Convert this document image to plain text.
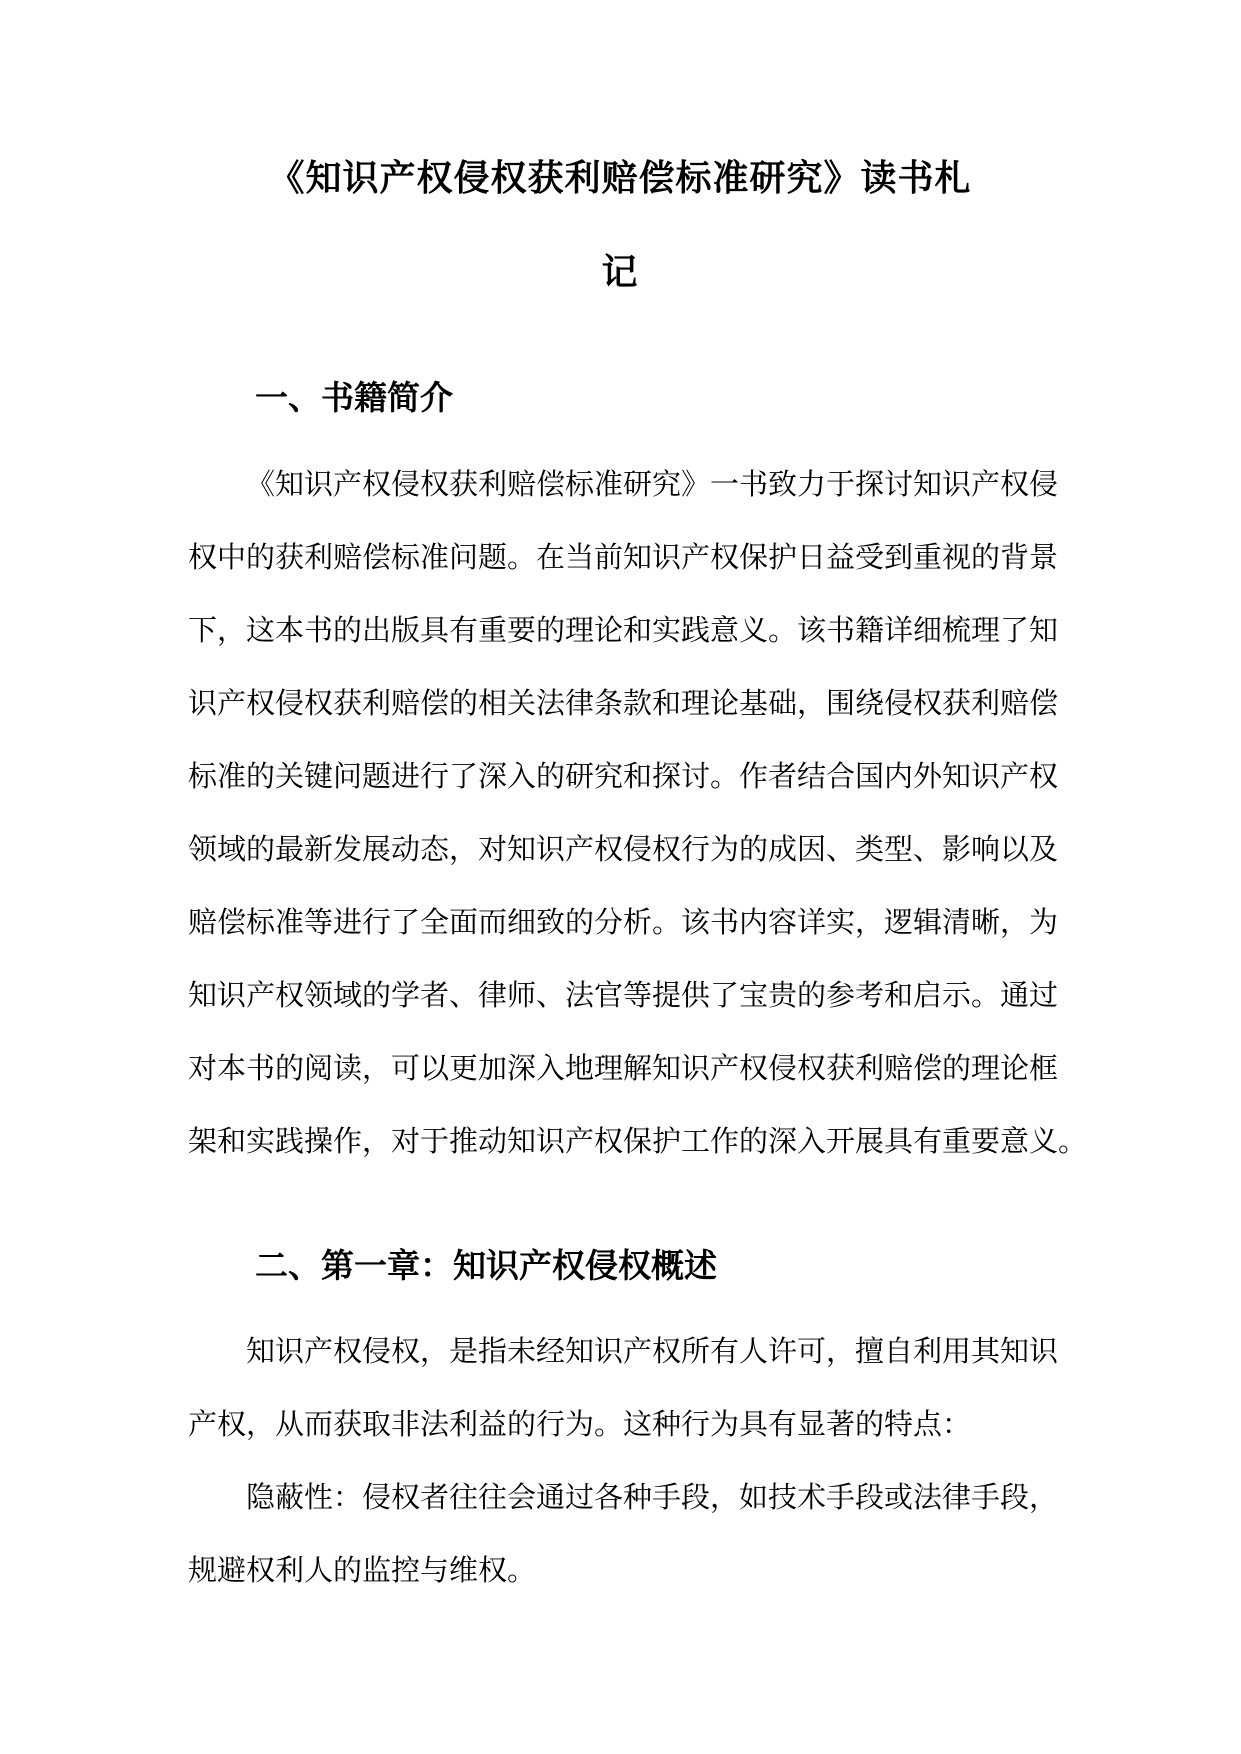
《知识产权侵权获利赔偿标准研究》读书札
记
一、书籍简介
《知识产权侵权获利赔偿标准研究》一书致力于探讨知识产权侵
权中的获利赔偿标准问题。在当前知识产权保护日益受到重视的背景
下，这本书的出版具有重要的理论和实践意义。该书籍详细梳理了知
识产权侵权获利赔偿的相关法律条款和理论基础，围绕侵权获利赔偿
标准的关键问题进行了深入的研究和探讨。作者结合国内外知识产权
领域的最新发展动态，对知识产权侵权行为的成因、类型、影响以及
赔偿标准等进行了全面而细致的分析。该书内容详实，逻辑清晰，为
知识产权领域的学者、律师、法官等提供了宝贵的参考和启示。通过
对本书的阅读，可以更加深入地理解知识产权侵权获利赔偿的理论框
架和实践操作，对于推动知识产权保护工作的深入开展具有重要意义。
二、第一章：知识产权侵权概述
知识产权侵权，是指未经知识产权所有人许可，擅自利用其知识
产权，从而获取非法利益的行为。这种行为具有显著的特点：
隐蔽性：侵权者往往会通过各种手段，如技术手段或法律手段，
规避权利人的监控与维权。
